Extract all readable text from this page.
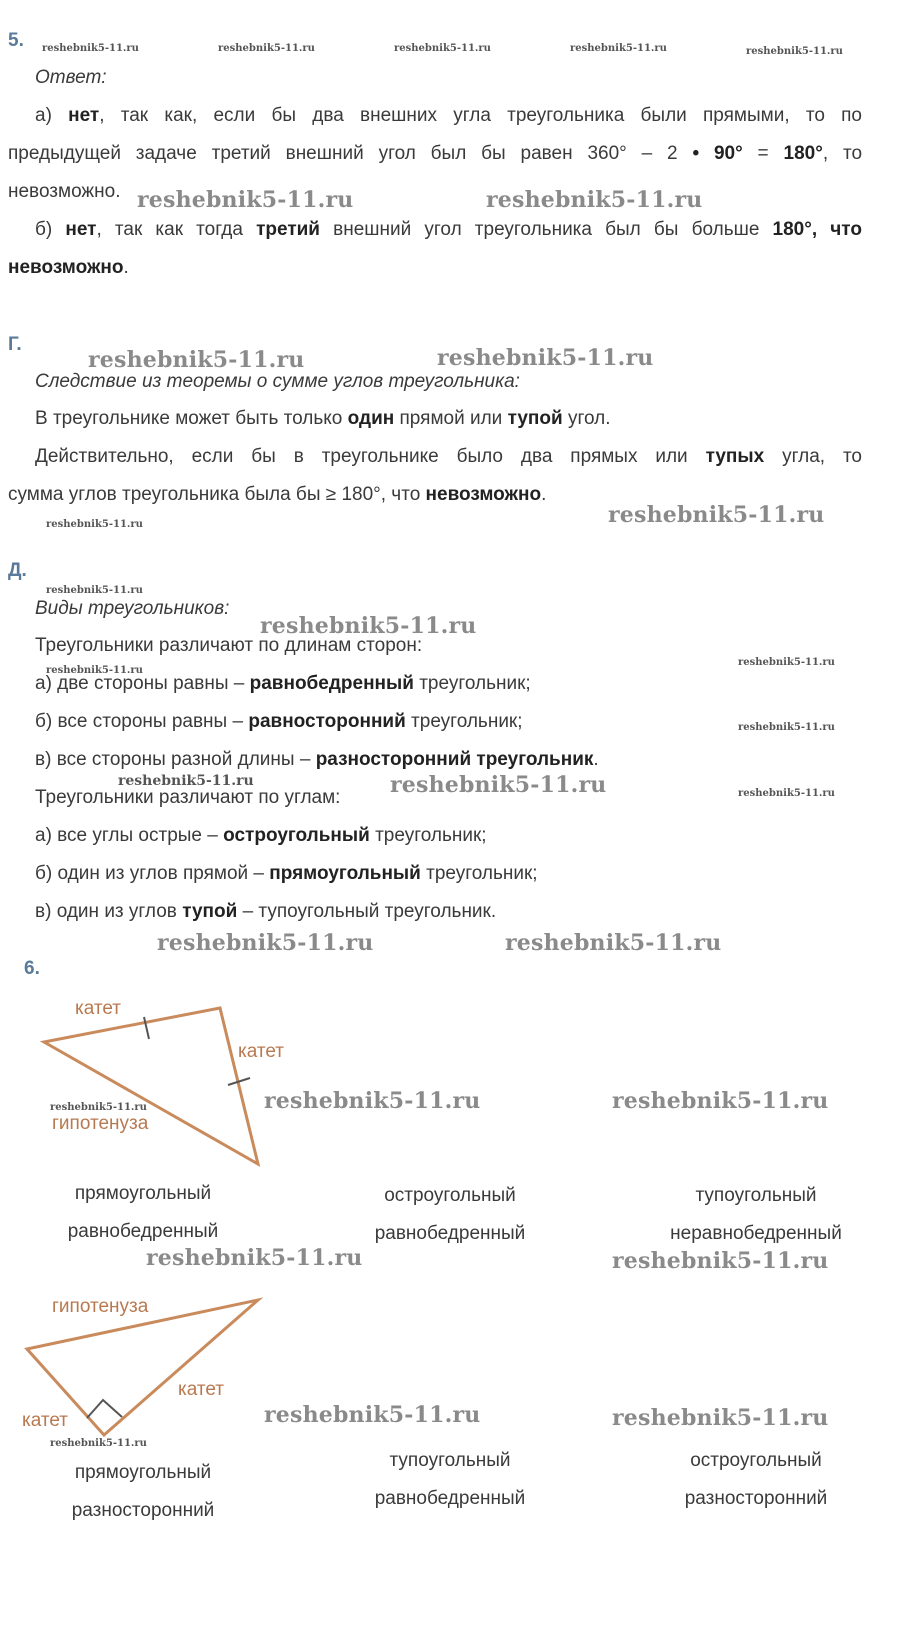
5. reshebnik5-11.ru	reshebnik5-11.ru	reshebnik5-11.ru	reshebnik5-11.ru	reshebnik5-11.ru
Ответ:
а) нет, так как, если бы два внешних угла треугольника были прямыми, то по
предыдущей задаче третий внешний угол был бы равен 360° – 2 • 90° = 180°, то
невозможно. reshebnik5-11.ru	reshebnik5-11.ru
б) нет, так как тогда третий внешний угол треугольника был бы больше 180°, что
невозможно.
Г.
reshebnik5-11.ru	reshebnik5-11.ru
Следствие из теоремы о сумме углов треугольника:
В треугольнике может быть только один прямой или тупой угол.
Действительно, если бы в треугольнике было два прямых или тупых угла, то
сумма углов треугольника была бы ≥ 180°, что невозможно.
reshebnik5-11.ru	reshebnik5-11.ru
Д.
reshebnik5-11.ru
Виды треугольников:
reshebnik5-11.ru
Треугольники различают по длинам сторон:
reshebnik5-11.ru
reshebnik5-11.ru
а) две стороны равны – равнобедренный треугольник;
б) все стороны равны – равносторонний треугольник;	reshebnik5-11.ru
в) все стороны разной длины – разносторонний треугольник.
reshebnik5-11.ru
Треугольники различают по углам: reshebnik5-11.ru	reshebnik5-11.ru
а) все углы острые – остроугольный треугольник;
б) один из углов прямой – прямоугольный треугольник;
в) один из углов тупой – тупоугольный треугольник.
reshebnik5-11.ru	reshebnik5-11.ru
6.
катет
катет
reshebnik5-11.ru
гипотенуза
reshebnik5-11.ru	reshebnik5-11.ru
прямоугольный
равнобедренный
остроугольный
равнобедренный
тупоугольный
неравнобедренный
reshebnik5-11.ru	reshebnik5-11.ru
гипотенуза
катет
катет
reshebnik5-11.ru
reshebnik5-11.ru	reshebnik5-11.ru
прямоугольный
разносторонний
тупоугольный
равнобедренный
остроугольный
разносторонний
